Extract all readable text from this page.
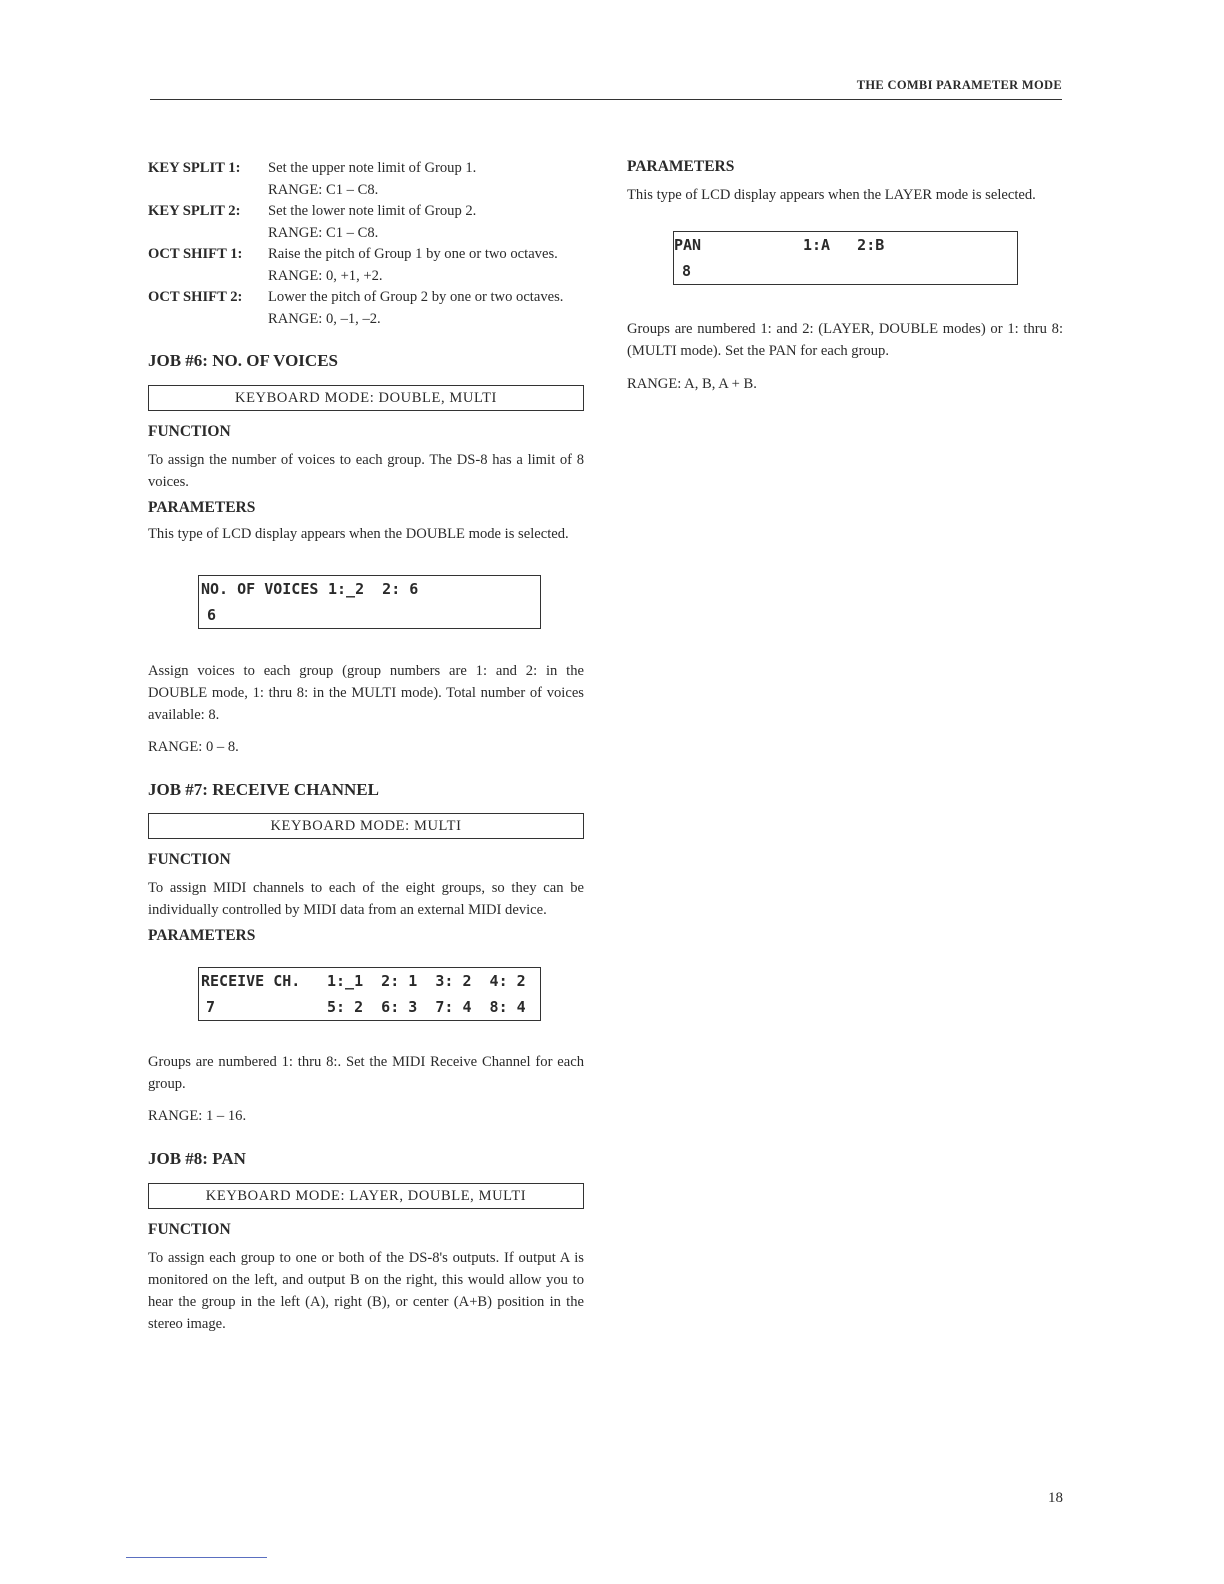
THE COMBI PARAMETER MODE
KEY SPLIT 1:	Set the upper note limit of Group 1.
RANGE: C1 – C8.
KEY SPLIT 2:	Set the lower note limit of Group 2.
RANGE: C1 – C8.
OCT SHIFT 1:	Raise the pitch of Group 1 by one or two octaves.
RANGE: 0, +1, +2.
OCT SHIFT 2:	Lower the pitch of Group 2 by one or two octaves.
RANGE: 0, –1, –2.
JOB #6: NO. OF VOICES
KEYBOARD MODE: DOUBLE, MULTI
FUNCTION

To assign the number of voices to each group. The DS-8 has a limit of 8 voices.

PARAMETERS

This type of LCD display appears when the DOUBLE mode is selected.

NO. OF VOICES 1:_2  2: 6
6

Assign voices to each group (group numbers are 1: and 2: in the DOUBLE mode, 1: thru 8: in the MULTI mode). Total number of voices available: 8.

RANGE: 0 – 8.

JOB #7: RECEIVE CHANNEL
KEYBOARD MODE: MULTI
FUNCTION

To assign MIDI channels to each of the eight groups, so they can be individually controlled by MIDI data from an external MIDI device.

PARAMETERS
RECEIVE CH. 1:_1  2: 1  3: 2  4: 2
7	5: 2  6: 3  7: 4  8: 4

Groups are numbered 1: thru 8:. Set the MIDI Receive Channel for each group.

RANGE: 1 – 16.

JOB #8: PAN
KEYBOARD MODE: LAYER, DOUBLE, MULTI
FUNCTION

To assign each group to one or both of the DS-8's outputs. If output A is monitored on the left, and output B on the right, this would allow you to hear the group in the left (A), right (B), or center (A+B) position in the stereo image.

PARAMETERS

This type of LCD display appears when the LAYER mode is selected.

PAN	1:A   2:B
8

Groups are numbered 1: and 2: (LAYER, DOUBLE modes) or 1: thru 8: (MULTI mode). Set the PAN for each group.

RANGE: A, B, A + B.

18
